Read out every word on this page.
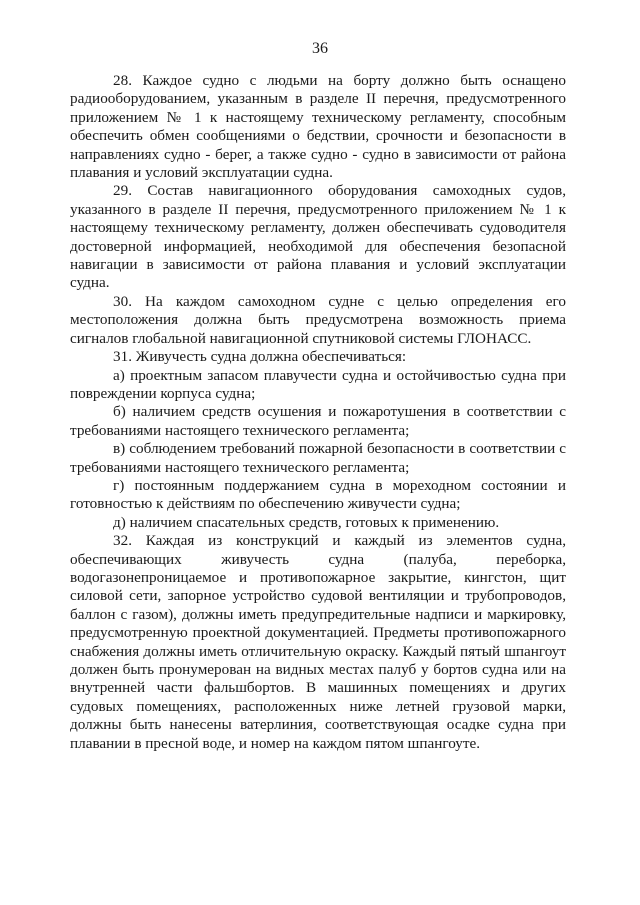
36

28. Каждое судно с людьми на борту должно быть оснащено радиооборудованием, указанным в разделе II перечня, предусмотренного приложением № 1 к настоящему техническому регламенту, способным обеспечить обмен сообщениями о бедствии, срочности и безопасности в направлениях судно - берег, а также судно - судно в зависимости от района плавания и условий эксплуатации судна.

29. Состав навигационного оборудования самоходных судов, указанного в разделе II перечня, предусмотренного приложением № 1 к настоящему техническому регламенту, должен обеспечивать судоводителя достоверной информацией, необходимой для обеспечения безопасной навигации в зависимости от района плавания и условий эксплуатации судна.

30. На каждом самоходном судне с целью определения его местоположения должна быть предусмотрена возможность приема сигналов глобальной навигационной спутниковой системы ГЛОНАСС.

31. Живучесть судна должна обеспечиваться:

а) проектным запасом плавучести судна и остойчивостью судна при повреждении корпуса судна;

б) наличием средств осушения и пожаротушения в соответствии с требованиями настоящего технического регламента;

в) соблюдением требований пожарной безопасности в соответствии с требованиями настоящего технического регламента;

г) постоянным поддержанием судна в мореходном состоянии и готовностью к действиям по обеспечению живучести судна;

д) наличием спасательных средств, готовых к применению.

32. Каждая из конструкций и каждый из элементов судна, обеспечивающих живучесть судна (палуба, переборка, водогазонепроницаемое и противопожарное закрытие, кингстон, щит силовой сети, запорное устройство судовой вентиляции и трубопроводов, баллон с газом), должны иметь предупредительные надписи и маркировку, предусмотренную проектной документацией. Предметы противопожарного снабжения должны иметь отличительную окраску. Каждый пятый шпангоут должен быть пронумерован на видных местах палуб у бортов судна или на внутренней части фальшбортов. В машинных помещениях и других судовых помещениях, расположенных ниже летней грузовой марки, должны быть нанесены ватерлиния, соответствующая осадке судна при плавании в пресной воде, и номер на каждом пятом шпангоуте.
